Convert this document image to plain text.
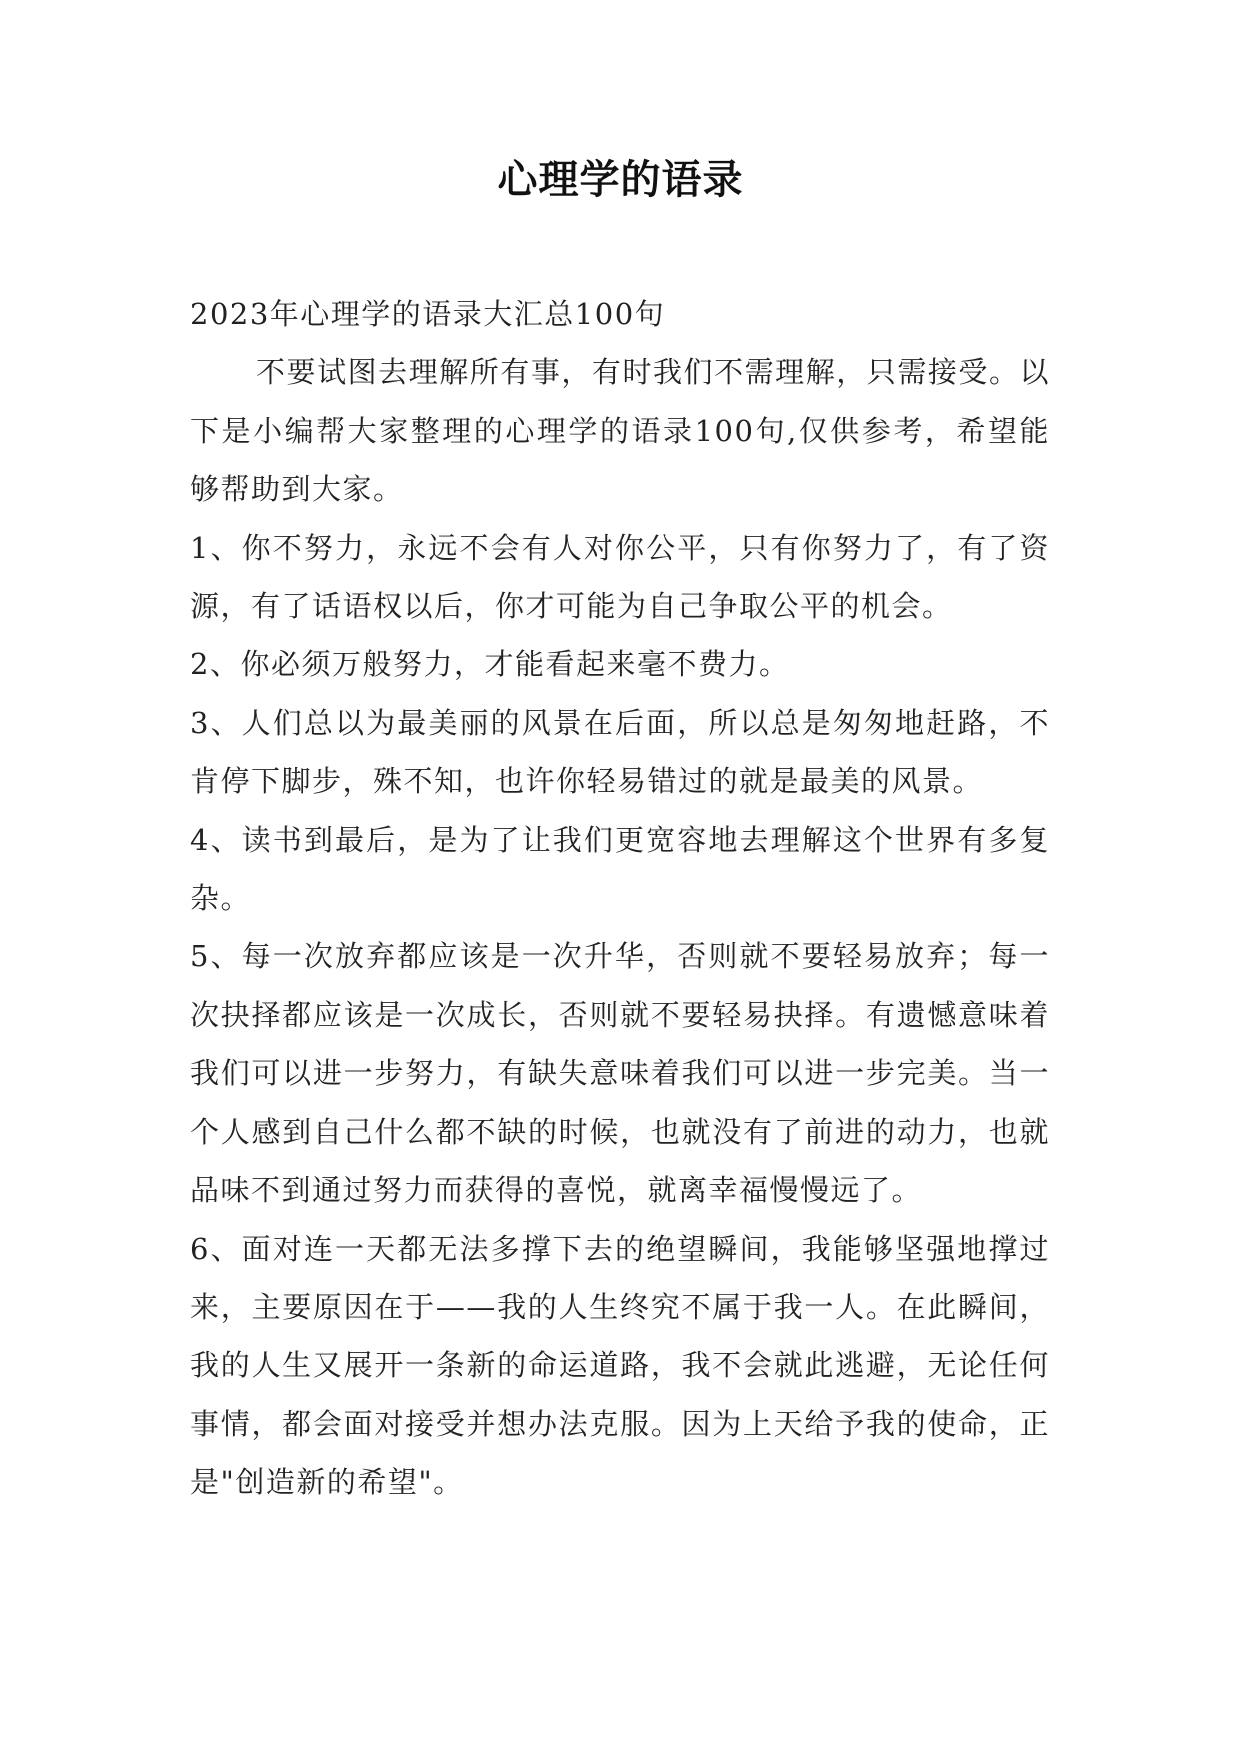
心理学的语录

2023年心理学的语录大汇总100句

不要试图去理解所有事，有时我们不需理解，只需接受。以下是小编帮大家整理的心理学的语录100句,仅供参考，希望能够帮助到大家。

1、你不努力，永远不会有人对你公平，只有你努力了，有了资源，有了话语权以后，你才可能为自己争取公平的机会。

2、你必须万般努力，才能看起来毫不费力。

3、人们总以为最美丽的风景在后面，所以总是匆匆地赶路，不肯停下脚步，殊不知，也许你轻易错过的就是最美的风景。

4、读书到最后，是为了让我们更宽容地去理解这个世界有多复杂。

5、每一次放弃都应该是一次升华，否则就不要轻易放弃；每一次抉择都应该是一次成长，否则就不要轻易抉择。有遗憾意味着我们可以进一步努力，有缺失意味着我们可以进一步完美。当一个人感到自己什么都不缺的时候，也就没有了前进的动力，也就品味不到通过努力而获得的喜悦，就离幸福慢慢远了。

6、面对连一天都无法多撑下去的绝望瞬间，我能够坚强地撑过来，主要原因在于——我的人生终究不属于我一人。在此瞬间，我的人生又展开一条新的命运道路，我不会就此逃避，无论任何事情，都会面对接受并想办法克服。因为上天给予我的使命，正是"创造新的希望"。
